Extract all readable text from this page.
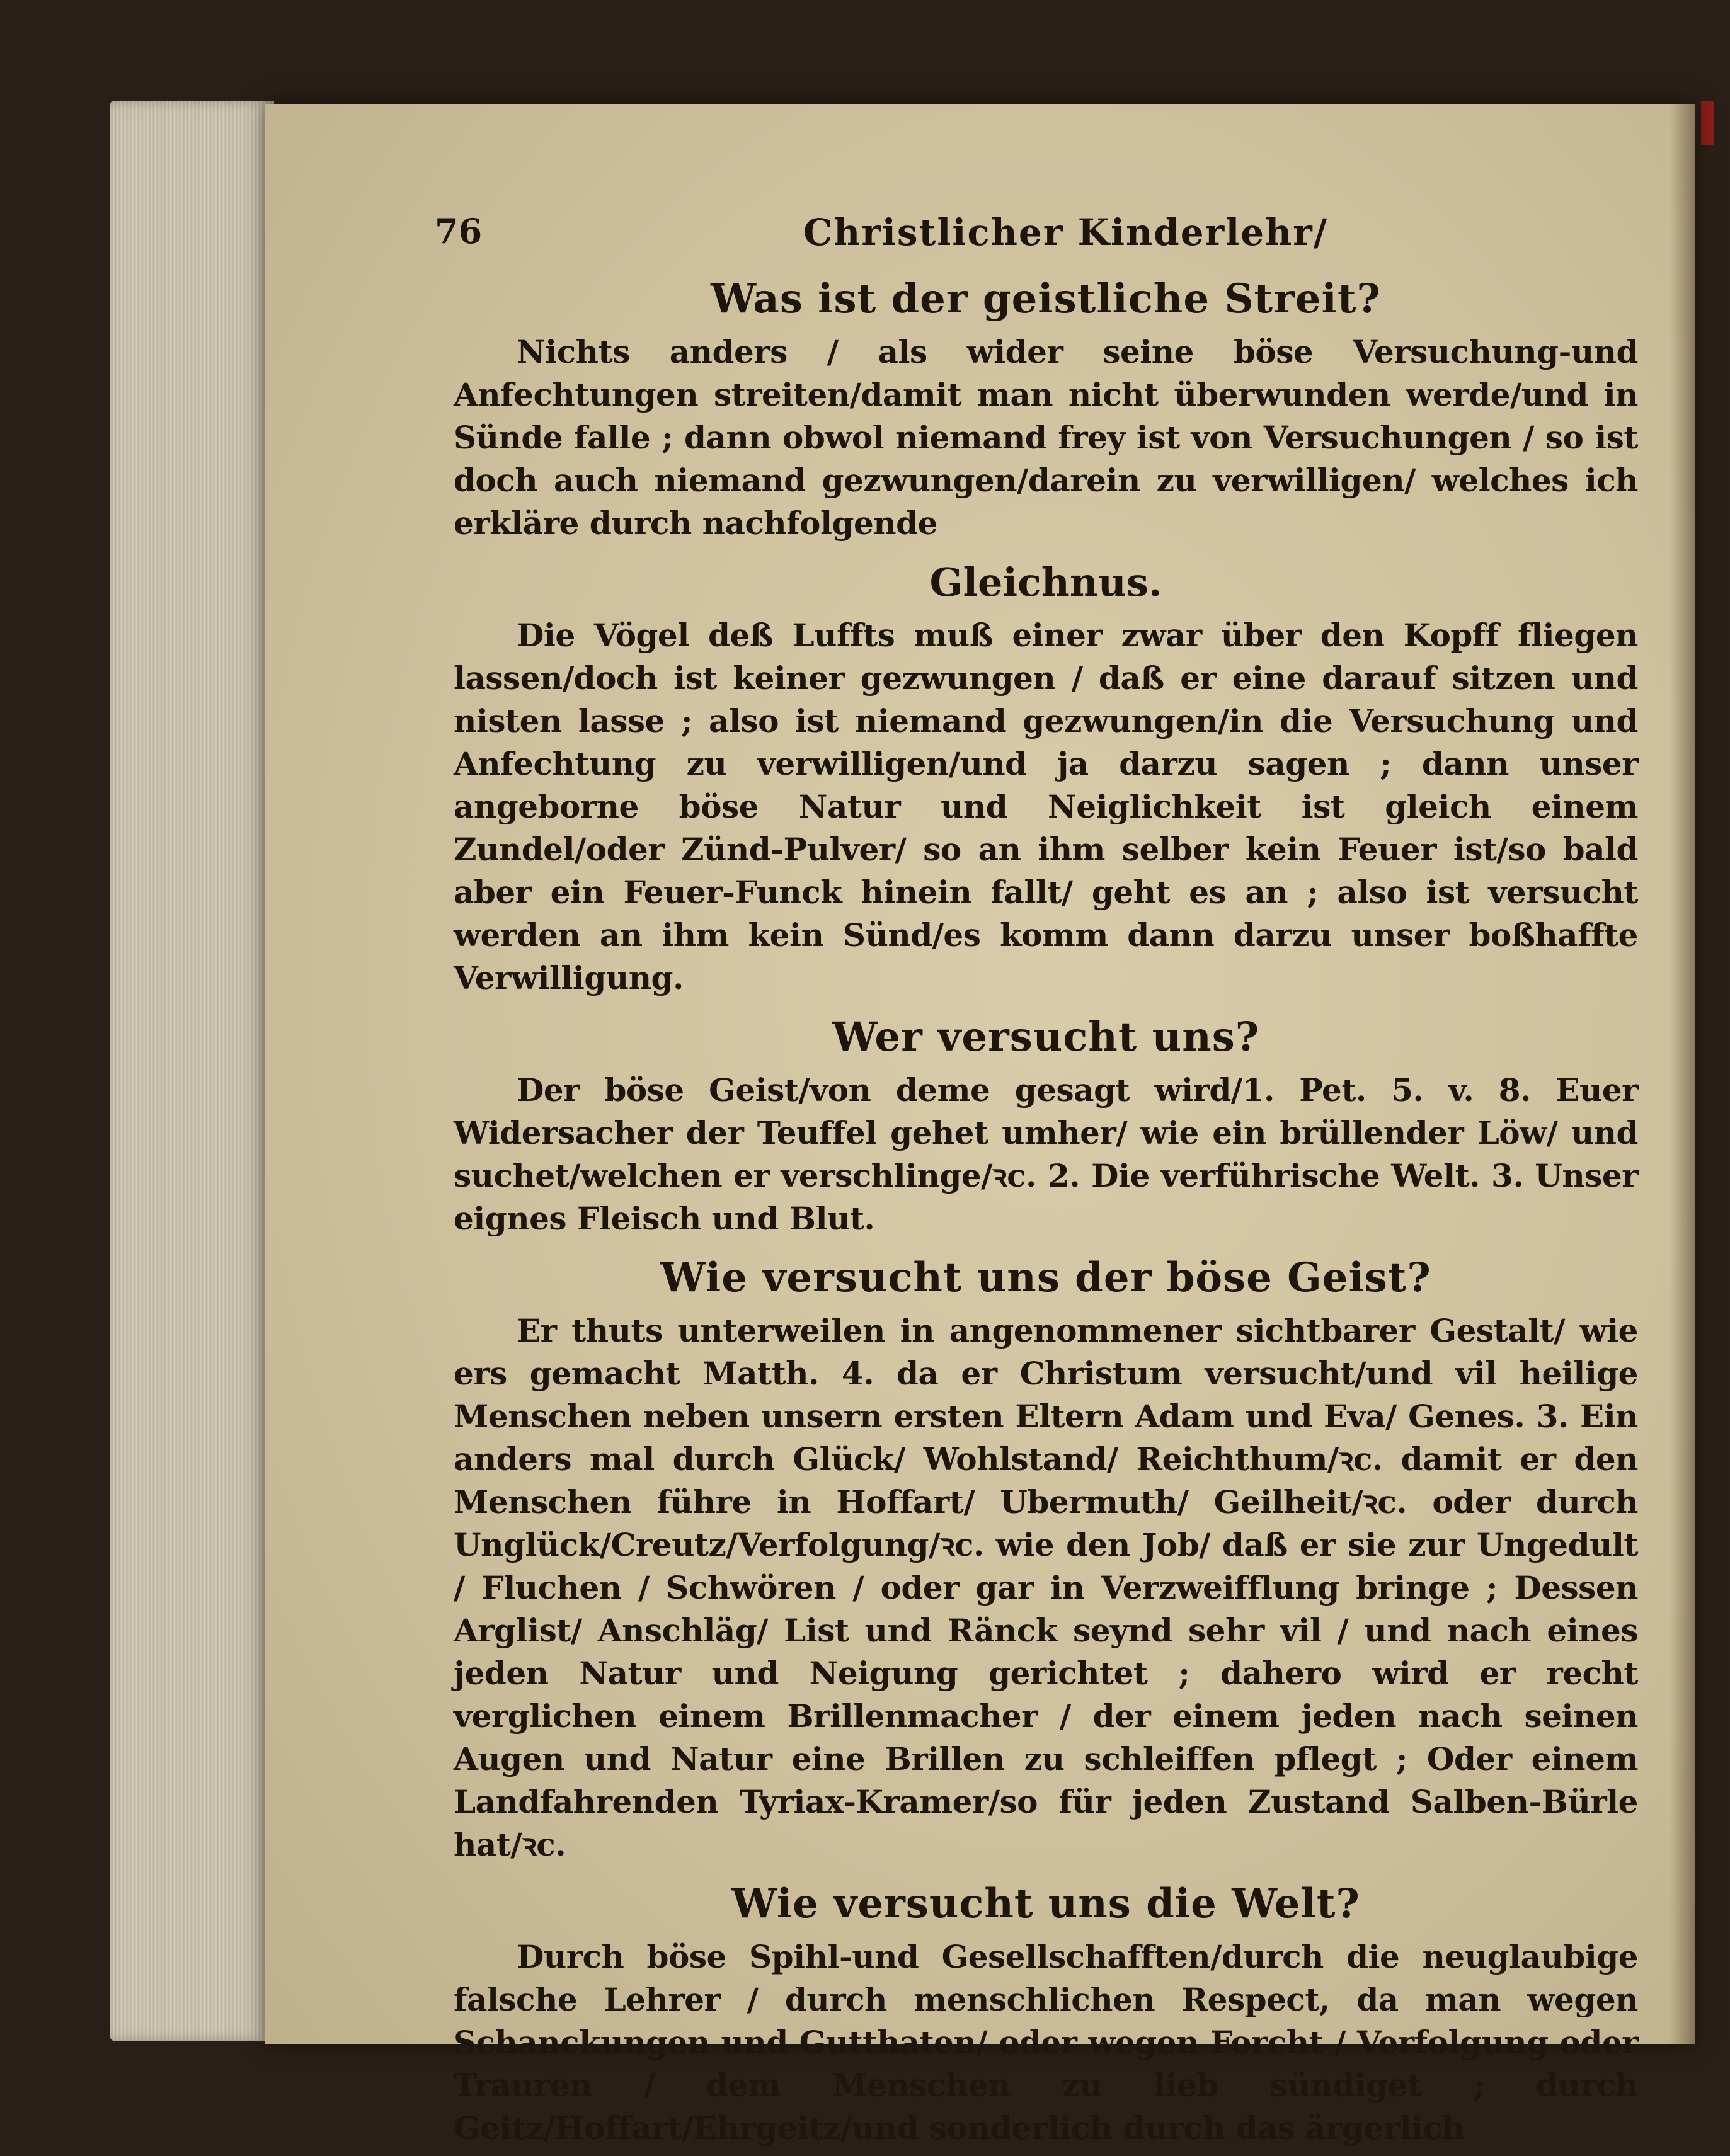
76	Christlicher Kinderlehr/
Was ist der geistliche Streit?

Nichts anders / als wider seine böse Versuchung-und Anfechtungen streiten/damit man nicht überwunden werde/und in Sünde falle ; dann obwol niemand frey ist von Versuchungen / so ist doch auch niemand gezwungen/darein zu verwilligen/ welches ich erkläre durch nachfolgende

Gleichnus.

Die Vögel deß Luffts muß einer zwar über den Kopff fliegen lassen/doch ist keiner gezwungen / daß er eine darauf sitzen und nisten lasse ; also ist niemand gezwungen/in die Versuchung und Anfechtung zu verwilligen/und ja darzu sagen ; dann unser angeborne böse Natur und Neiglichkeit ist gleich einem Zundel/oder Zünd-Pulver/ so an ihm selber kein Feuer ist/so bald aber ein Feuer-Funck hinein fallt/ geht es an ; also ist versucht werden an ihm kein Sünd/es komm dann darzu unser boßhaffte Verwilligung.

Wer versucht uns?

Der böse Geist/von deme gesagt wird/1. Pet. 5. v. 8. Euer Widersacher der Teuffel gehet umher/ wie ein brüllender Löw/ und suchet/welchen er verschlinge/ꝛc. 2. Die verführische Welt. 3. Unser eignes Fleisch und Blut.

Wie versucht uns der böse Geist?

Er thuts unterweilen in angenommener sichtbarer Gestalt/ wie ers gemacht Matth. 4. da er Christum versucht/und vil heilige Menschen neben unsern ersten Eltern Adam und Eva/ Genes. 3. Ein anders mal durch Glück/ Wohlstand/ Reichthum/ꝛc. damit er den Menschen führe in Hoffart/ Ubermuth/ Geilheit/ꝛc. oder durch Unglück/Creutz/Verfolgung/ꝛc. wie den Job/ daß er sie zur Ungedult / Fluchen / Schwören / oder gar in Verzweifflung bringe ; Dessen Arglist/ Anschläg/ List und Ränck seynd sehr vil / und nach eines jeden Natur und Neigung gerichtet ; dahero wird er recht verglichen einem Brillenmacher / der einem jeden nach seinen Augen und Natur eine Brillen zu schleiffen pflegt ; Oder einem Landfahrenden Tyriax-Kramer/so für jeden Zustand Salben-Bürle hat/ꝛc.

Wie versucht uns die Welt?

Durch böse Spihl-und Gesellschafften/durch die neuglaubige falsche Lehrer / durch menschlichen Respect, da man wegen Schanckungen und Gutthaten/ oder wegen Forcht / Verfolgung oder Trauren / dem Menschen zu lieb sündiget ; durch Geitz/Hoffart/Ehrgeitz/und sonderlich durch das ärgerlich
